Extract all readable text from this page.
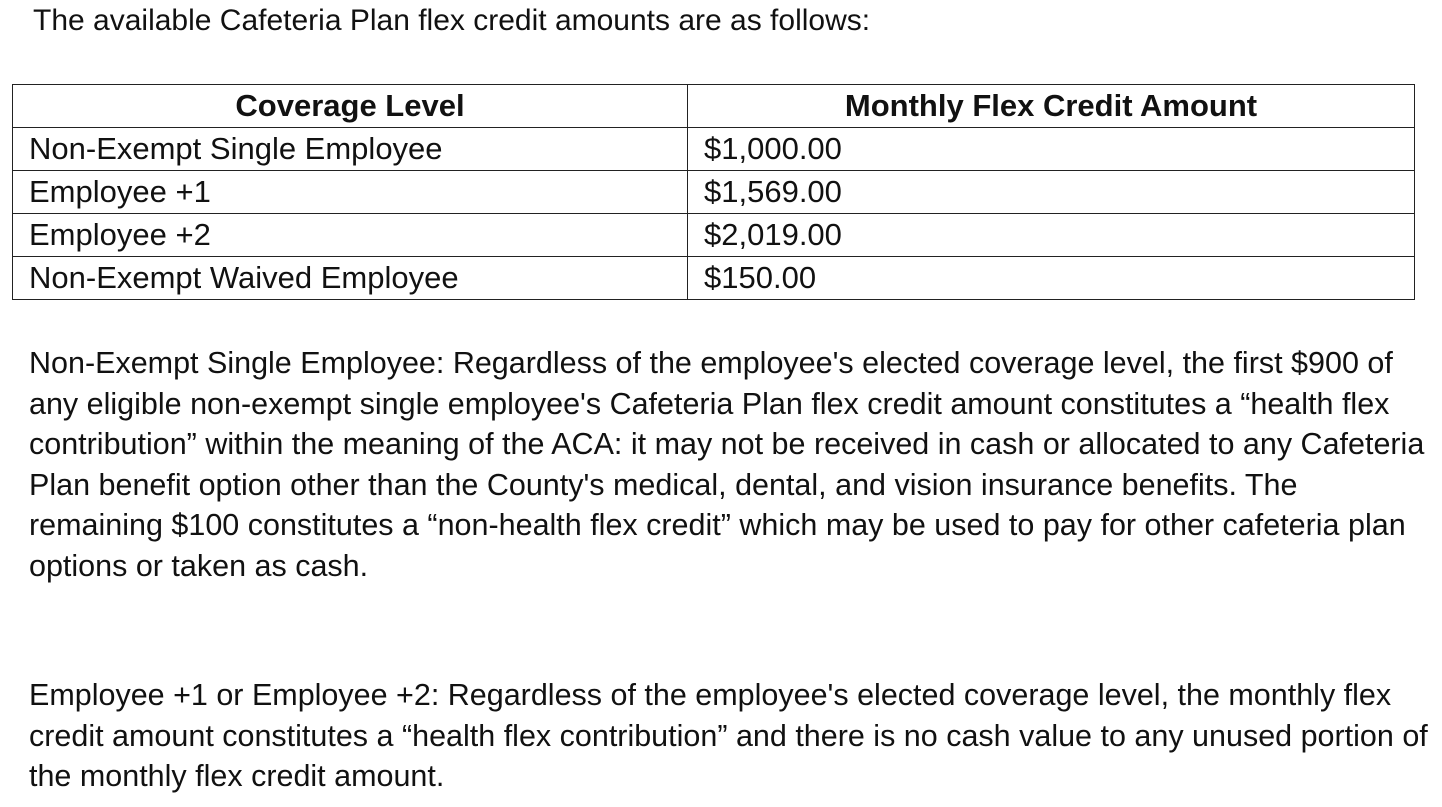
The available Cafeteria Plan flex credit amounts are as follows:
Coverage Level	Monthly Flex Credit Amount
Non-Exempt Single Employee	$1,000.00
Employee +1	$1,569.00
Employee +2	$2,019.00
Non-Exempt Waived Employee	$150.00

Non-Exempt Single Employee: Regardless of the employee's elected coverage level, the first $900 of any eligible non-exempt single employee's Cafeteria Plan flex credit amount constitutes a “health flex contribution” within the meaning of the ACA: it may not be received in cash or allocated to any Cafeteria Plan benefit option other than the County's medical, dental, and vision insurance benefits. The remaining $100 constitutes a “non-health flex credit” which may be used to pay for other cafeteria plan options or taken as cash.

Employee +1 or Employee +2: Regardless of the employee's elected coverage level, the monthly flex credit amount constitutes a “health flex contribution” and there is no cash value to any unused portion of the monthly flex credit amount.
